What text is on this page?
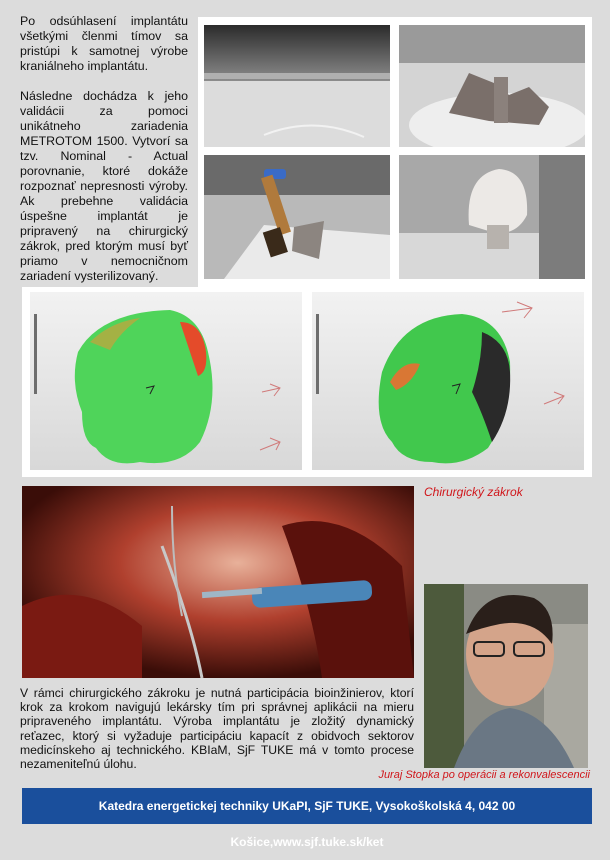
Po odsúhlasení implantátu všetkými členmi tímov sa pristúpi k samotnej výrobe kraniálneho implantátu.

Následne dochádza k jeho validácii za pomoci unikátneho zariadenia METROTOM 1500. Vytvorí sa tzv. Nominal - Actual porovnanie, ktoré dokáže rozpoznať nepresnosti výroby. Ak prebehne validácia úspešne implantát je pripravený na chirurgický zákrok, pred ktorým musí byť priamo v nemocničnom zariadení vysterilizovaný.

Chirurgický zákrok
V rámci chirurgického zákroku je nutná participácia bioinžinierov, ktorí krok za krokom navigujú lekársky tím pri správnej aplikácii na mieru pripraveného implantátu. Výroba implantátu je zložitý dynamický reťazec, ktorý si vyžaduje participáciu kapacít z obidvoch sektorov medicínskeho aj technického. KBIaM, SjF TUKE má v tomto procese nezameniteľnú úlohu.
Juraj Stopka po operácii a rekonvalescencii
Katedra energetickej techniky UKaPI, SjF TUKE, Vysokoškolská 4, 042 00 Košice,www.sjf.tuke.sk/ket
